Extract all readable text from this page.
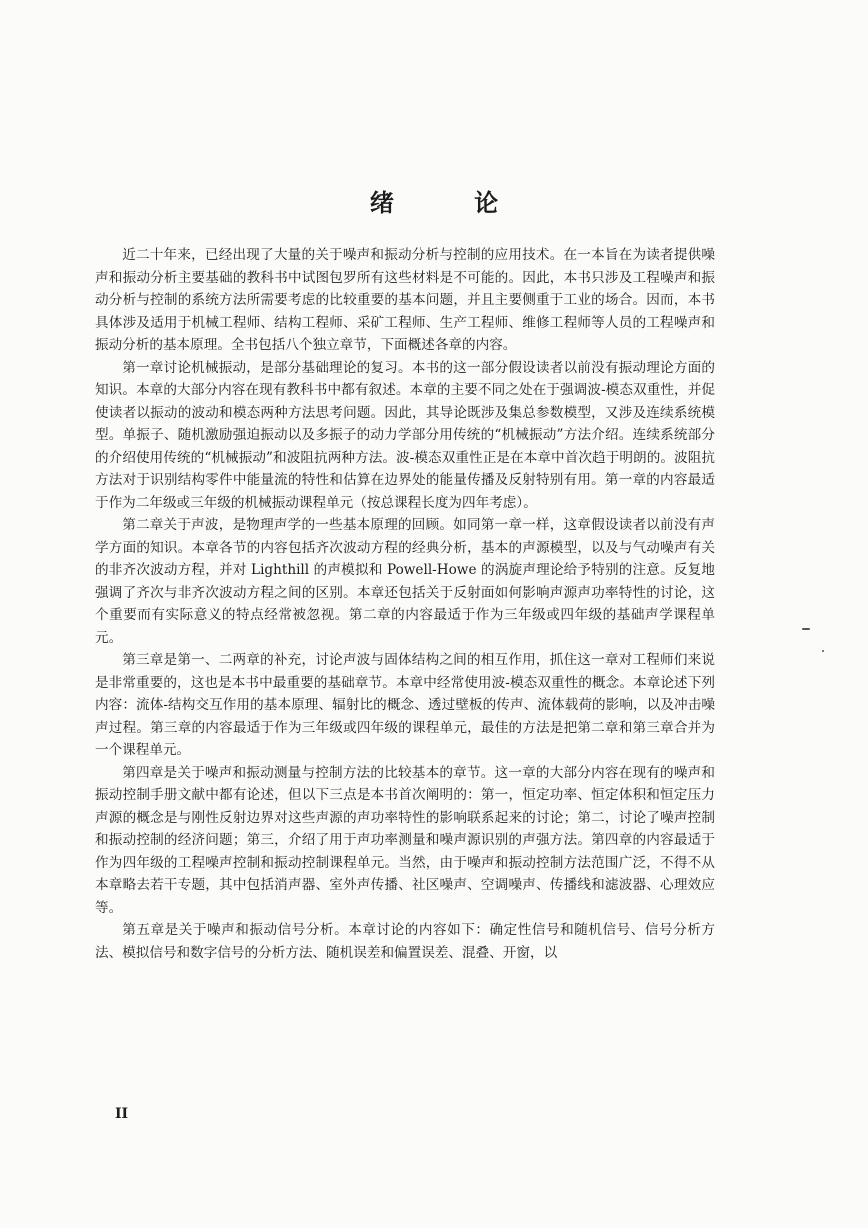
绪 论

近二十年来，已经出现了大量的关于噪声和振动分析与控制的应用技术。在一本旨在为读者提供噪声和振动分析主要基础的教科书中试图包罗所有这些材料是不可能的。因此，本书只涉及工程噪声和振动分析与控制的系统方法所需要考虑的比较重要的基本问题，并且主要侧重于工业的场合。因而，本书具体涉及适用于机械工程师、结构工程师、采矿工程师、生产工程师、维修工程师等人员的工程噪声和振动分析的基本原理。全书包括八个独立章节，下面概述各章的内容。

第一章讨论机械振动，是部分基础理论的复习。本书的这一部分假设读者以前没有振动理论方面的知识。本章的大部分内容在现有教科书中都有叙述。本章的主要不同之处在于强调波-模态双重性，并促使读者以振动的波动和模态两种方法思考问题。因此，其导论既涉及集总参数模型，又涉及连续系统模型。单振子、随机激励强迫振动以及多振子的动力学部分用传统的“机械振动”方法介绍。连续系统部分的介绍使用传统的“机械振动”和波阻抗两种方法。波-模态双重性正是在本章中首次趋于明朗的。波阻抗方法对于识别结构零件中能量流的特性和估算在边界处的能量传播及反射特别有用。第一章的内容最适于作为二年级或三年级的机械振动课程单元（按总课程长度为四年考虑）。

第二章关于声波，是物理声学的一些基本原理的回顾。如同第一章一样，这章假设读者以前没有声学方面的知识。本章各节的内容包括齐次波动方程的经典分析，基本的声源模型，以及与气动噪声有关的非齐次波动方程，并对 Lighthill 的声模拟和 Powell-Howe 的涡旋声理论给予特别的注意。反复地强调了齐次与非齐次波动方程之间的区别。本章还包括关于反射面如何影响声源声功率特性的讨论，这个重要而有实际意义的特点经常被忽视。第二章的内容最适于作为三年级或四年级的基础声学课程单元。

第三章是第一、二两章的补充，讨论声波与固体结构之间的相互作用，抓住这一章对工程师们来说是非常重要的，这也是本书中最重要的基础章节。本章中经常使用波-模态双重性的概念。本章论述下列内容：流体-结构交互作用的基本原理、辐射比的概念、透过壁板的传声、流体载荷的影响，以及冲击噪声过程。第三章的内容最适于作为三年级或四年级的课程单元，最佳的方法是把第二章和第三章合并为一个课程单元。

第四章是关于噪声和振动测量与控制方法的比较基本的章节。这一章的大部分内容在现有的噪声和振动控制手册文献中都有论述，但以下三点是本书首次阐明的：第一，恒定功率、恒定体积和恒定压力声源的概念是与刚性反射边界对这些声源的声功率特性的影响联系起来的讨论；第二，讨论了噪声控制和振动控制的经济问题；第三，介绍了用于声功率测量和噪声源识别的声强方法。第四章的内容最适于作为四年级的工程噪声控制和振动控制课程单元。当然，由于噪声和振动控制方法范围广泛，不得不从本章略去若干专题，其中包括消声器、室外声传播、社区噪声、空调噪声、传播线和滤波器、心理效应等。

第五章是关于噪声和振动信号分析。本章讨论的内容如下：确定性信号和随机信号、信号分析方法、模拟信号和数字信号的分析方法、随机误差和偏置误差、混叠、开窗，以

II
